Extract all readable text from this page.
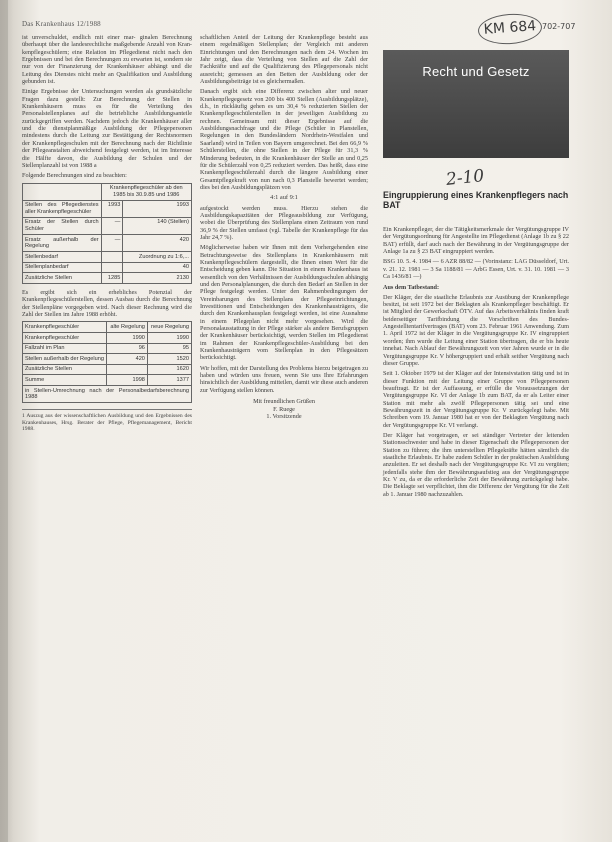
Das Krankenhaus 12/1988	KM 684 702-707

ist unverschuldet, endlich mit einer mar- ginalen Berechnung überhaupt über die landesrechtliche maßgebende Anzahl von Kran- kenpflegeschülern; eine Relation im Pflegedienst nicht nach den Ergebnissen und bei den Berechnungen zu erwarten ist, sondern sie nur von der Finanzierung der Krankenhäuser abhängt und die Leitung des Dienstes nicht mehr an Qualifikation und Ausbildung gebunden ist.

Einige Ergebnisse der Untersuchungen werden als grundsätzliche Fragen dazu gestellt: Zur Berechnung der Stellen in Krankenhäusern muss es für die Verteilung des Personalstellenplanes auf die betriebliche Ausbildungsanteile zurückgegriffen werden. Nachdem jedoch die Krankenhäuser aller und die dienstplanmäßige Ausbildung der Pflegepersonen mindestens durch die Leitung zur Bestätigung der Rechtsnormen der Krankenpflegeschulen mit der Berechnung nach der Richtlinie der Pflegeanstalten abweichend festgelegt werden, ist im Interesse die Hälfte davon, die Ausbildung der Schulen und der Stellenplanzahl ist von 1988 a

Folgende Berechnungen sind zu beachten:

	Krankenpflegeschüler ab den 1985 bis 30.9.85 und 1986	
Stellen des Pflegedienstes aller Krankenpflegeschüler	1993	1993
Ersatz der Stellen durch Schüler	—	140 (Stellen)
Ersatz außerhalb der Regelung	—	420
Stellenbedarf		Zuordnung zu 1:6,...
Stellenplanbedarf		40
Zusätzliche Stellen	1285	2130

Es ergibt sich ein erhebliches Potenzial der Krankenpflegeschülerstellen, dessen Ausbau durch die Berechnung der Stellenpläne vorgegeben wird. Nach dieser Rechnung wird die Zahl der Stellen im Jahre 1988 erhöht.

Krankenpflegeschüler	alte Regelung	neue Regelung
Krankenpflegeschüler	1990	1990
Fallzahl im Plan	96	95
Stellen außerhalb der Regelung	420	1520
Zusätzliche Stellen		1620
Summe	1998	1377
in Stellen-Umrechnung nach der Personalbedarfsberechnung 1988		
1 Auszug aus der wissenschaftlichen Ausbildung und den Ergebnissen des Krankenhauses, Hrsg. Berater der Pflege, Pflegemanagement, Bericht 1988.

schaftlichen Anteil der Leitung der Krankenpflege besteht aus einem regelmäßigen Stellenplan; der Vergleich mit anderen Einrichtungen und den Berechnungen nach dem 24. Wochen im Jahr zeigt, dass die Verteilung von Stellen auf die Zahl der Fachkräfte und auf die Qualifizierung des Pflegepersonals nicht ausreicht; gemessen an den Betten der Ausbildung oder der Ausbildungsbeiträge ist es gleichermaßen.

Danach ergibt sich eine Differenz zwischen alter und neuer Krankenpflegegesetz von 200 bis 400 Stellen (Ausbildungsplätze), d.h., in rückläufig gehen es um 30,4 % reduzierten Stellen der Krankenpflegeschülerstellen in der jeweiligen Ausbildung zu rechnen. Gemeinsam mit dieser Ergebnisse auf die Ausbildungsnachfrage und die Pflege (Schüler in Planstellen, Regelungen in den Bundesländern Nordrhein-Westfalen und Saarland) wird in Teilen von Bayern umgerechnet. Bei den 66,9 % Schülerstellen, die ohne Stellen in der Pflege für 31,3 % Minderung bedeuten, in die Krankenhäuser der Stelle an und 0,25 für die Schülerzahl von 0,25 reduziert werden. Das heißt, dass eine Krankenpflegeschülerzahl durch die längere Ausbildung einer Gesamtpflegekraft von nun nach 0,3 Planstelle bewertet werden; dies bei den Ausbildungsplätzen von

4:1 auf 9:1

aufgestockt werden muss. Hierzu stehen die Ausbildungskapazitäten der Pflegeausbildung zur Verfügung, wobei die Überprüfung des Stellenplans einen Zeitraum von rund 36,9 % der Stellen umfasst (vgl. Tabelle der Krankenpflege für das Jahr 24,7 %).

Möglicherweise haben wir Ihnen mit dem Vorhergehenden eine Betrachtungsweise des Stellenplans in Krankenhäusern mit Krankenpflegeschülern dargestellt, die Ihnen einen Wert für die Entscheidung geben kann. Die Situation in einem Krankenhaus ist wesentlich von den Verhältnissen der Ausbildungsschulen abhängig und den Personalplanungen, die durch den Bedarf an Stellen in der Pflege festgelegt werden. Unter den Rahmenbedingungen der Vereinbarungen des Stellenplans der Pflegeeinrichtungen, Investitionen und Entscheidungen des Krankenhausträgers, die durch den Krankenhausplan festgelegt werden, ist eine Ausnahme in einem Pflegeplan nicht mehr vorgesehen. Wird die Personalausstattung in der Pflege stärker als andere Berufsgruppen der Krankenhäuser berücksichtigt, werden Stellen im Pflegedienst im Rahmen der Krankenpflegeschüler-Ausbildung bei den Krankenhausträgern vom Stellenplan in den Pflegesätzen berücksichtigt.

Wir hoffen, mit der Darstellung des Problems hierzu beigetragen zu haben und würden uns freuen, wenn Sie uns Ihre Erfahrungen hinsichtlich der Ausbildung mitteilen, damit wir diese auch anderen zur Verfügung stellen können.

Mit freundlichen Grüßen
F. Ruege
1. Vorsitzende
Recht und Gesetz
2-10
Eingruppierung eines Krankenpflegers nach BAT

Ein Krankenpfleger, der die Tätigkeitsmerkmale der Vergütungsgruppe IV der Vergütungsordnung für Angestellte im Pflegedienst (Anlage 1b zu § 22 BAT) erfüllt, darf auch nach der Bewährung in der Vergütungsgruppe der Anlage 1a zu § 23 BAT eingruppiert werden.

BSG 10. 5. 4. 1984 — 6 AZR 88/82 — (Vorinstanz: LAG Düsseldorf, Urt. v. 21. 12. 1981 — 3 Sa 1188/81 — ArbG Essen, Urt. v. 31. 10. 1981 — 3 Ca 1436/81 —)

Aus dem Tatbestand:

Der Kläger, der die staatliche Erlaubnis zur Ausübung der Krankenpflege besitzt, ist seit 1972 bei der Beklagten als Krankenpfleger beschäftigt. Er ist Mitglied der Gewerkschaft ÖTV. Auf das Arbeitsverhältnis finden kraft beiderseitiger Tarifbindung die Vorschriften des Bundes-Angestelltentarifvertrages (BAT) vom 23. Februar 1961 Anwendung. Zum 1. April 1972 ist der Kläger in die Vergütungsgruppe Kr. IV eingruppiert worden; ihm wurde die Leitung einer Station übertragen, die er bis heute innehat. Nach Ablauf der Bewährungszeit von vier Jahren wurde er in die Vergütungsgruppe Kr. V höhergruppiert und erhält seither Vergütung nach dieser Gruppe.

Seit 1. Oktober 1979 ist der Kläger auf der Intensivstation tätig und ist in dieser Funktion mit der Leitung einer Gruppe von Pflegepersonen beauftragt. Er ist der Auffassung, er erfülle die Voraussetzungen der Vergütungsgruppe Kr. VI der Anlage 1b zum BAT, da er als Leiter einer Station mit mehr als zwölf Pflegepersonen tätig sei und eine Bewährungszeit in der Vergütungsgruppe Kr. V zurückgelegt habe. Mit Schreiben vom 19. Januar 1980 hat er von der Beklagten Vergütung nach der Vergütungsgruppe Kr. VI verlangt.

Der Kläger hat vorgetragen, er sei ständiger Vertreter der leitenden Stationsschwester und habe in dieser Eigenschaft die Pflegepersonen der Station zu führen; die ihm unterstellten Pflegekräfte hätten sämtlich die staatliche Erlaubnis. Er habe zudem Schüler in der praktischen Ausbildung anzuleiten. Er sei deshalb nach der Vergütungsgruppe Kr. VI zu vergüten; jedenfalls stehe ihm der Bewährungsaufstieg aus der Vergütungsgruppe Kr. V zu, da er die erforderliche Zeit der Bewährung zurückgelegt habe. Die Beklagte sei verpflichtet, ihm die Differenz der Vergütung für die Zeit ab 1. Januar 1980 nachzuzahlen.
